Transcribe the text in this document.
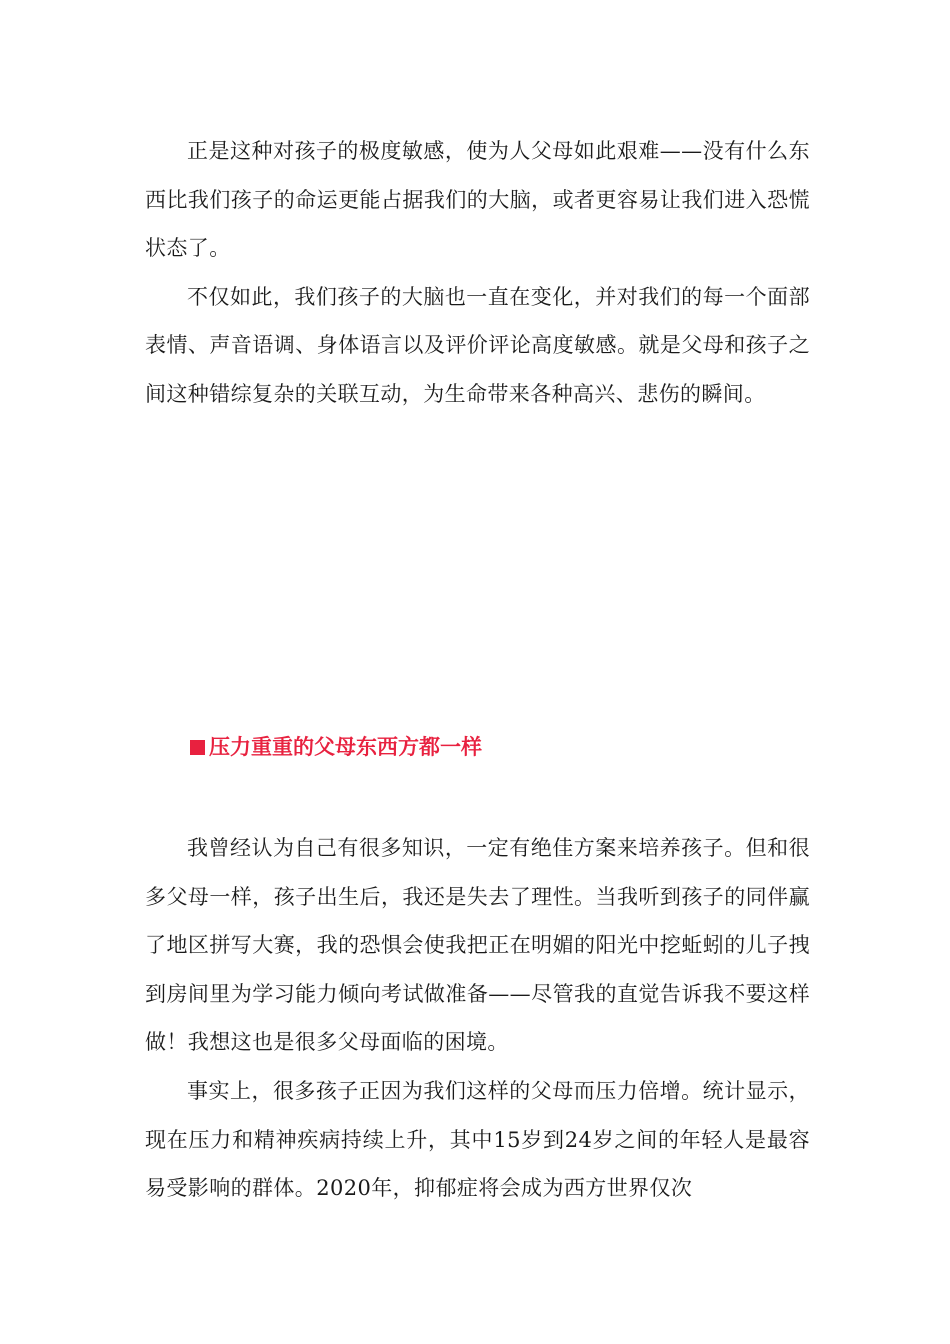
正是这种对孩子的极度敏感，使为人父母如此艰难——没有什么东西比我们孩子的命运更能占据我们的大脑，或者更容易让我们进入恐慌状态了。

不仅如此，我们孩子的大脑也一直在变化，并对我们的每一个面部表情、声音语调、身体语言以及评价评论高度敏感。就是父母和孩子之间这种错综复杂的关联互动，为生命带来各种高兴、悲伤的瞬间。

压力重重的父母东西方都一样

我曾经认为自己有很多知识，一定有绝佳方案来培养孩子。但和很多父母一样，孩子出生后，我还是失去了理性。当我听到孩子的同伴赢了地区拼写大赛，我的恐惧会使我把正在明媚的阳光中挖蚯蚓的儿子拽到房间里为学习能力倾向考试做准备——尽管我的直觉告诉我不要这样做！我想这也是很多父母面临的困境。

事实上，很多孩子正因为我们这样的父母而压力倍增。统计显示，现在压力和精神疾病持续上升，其中15岁到24岁之间的年轻人是最容易受影响的群体。2020年，抑郁症将会成为西方世界仅次
